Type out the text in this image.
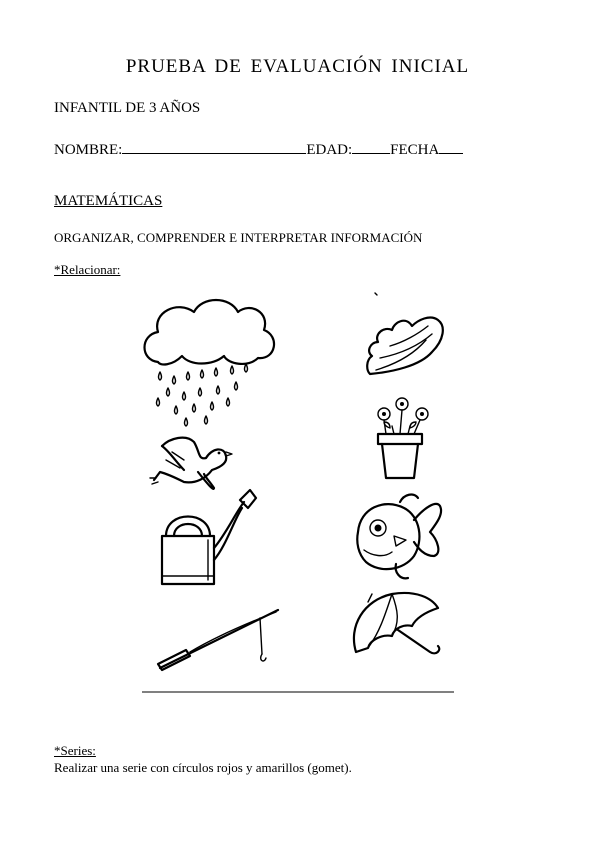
PRUEBA DE EVALUACIÓN INICIAL
INFANTIL DE 3 AÑOS
NOMBRE:	EDAD:	FECHA
MATEMÁTICAS
ORGANIZAR, COMPRENDER E INTERPRETAR INFORMACIÓN
*Relacionar:
*Series:
Realizar una serie con círculos rojos y amarillos (gomet).
